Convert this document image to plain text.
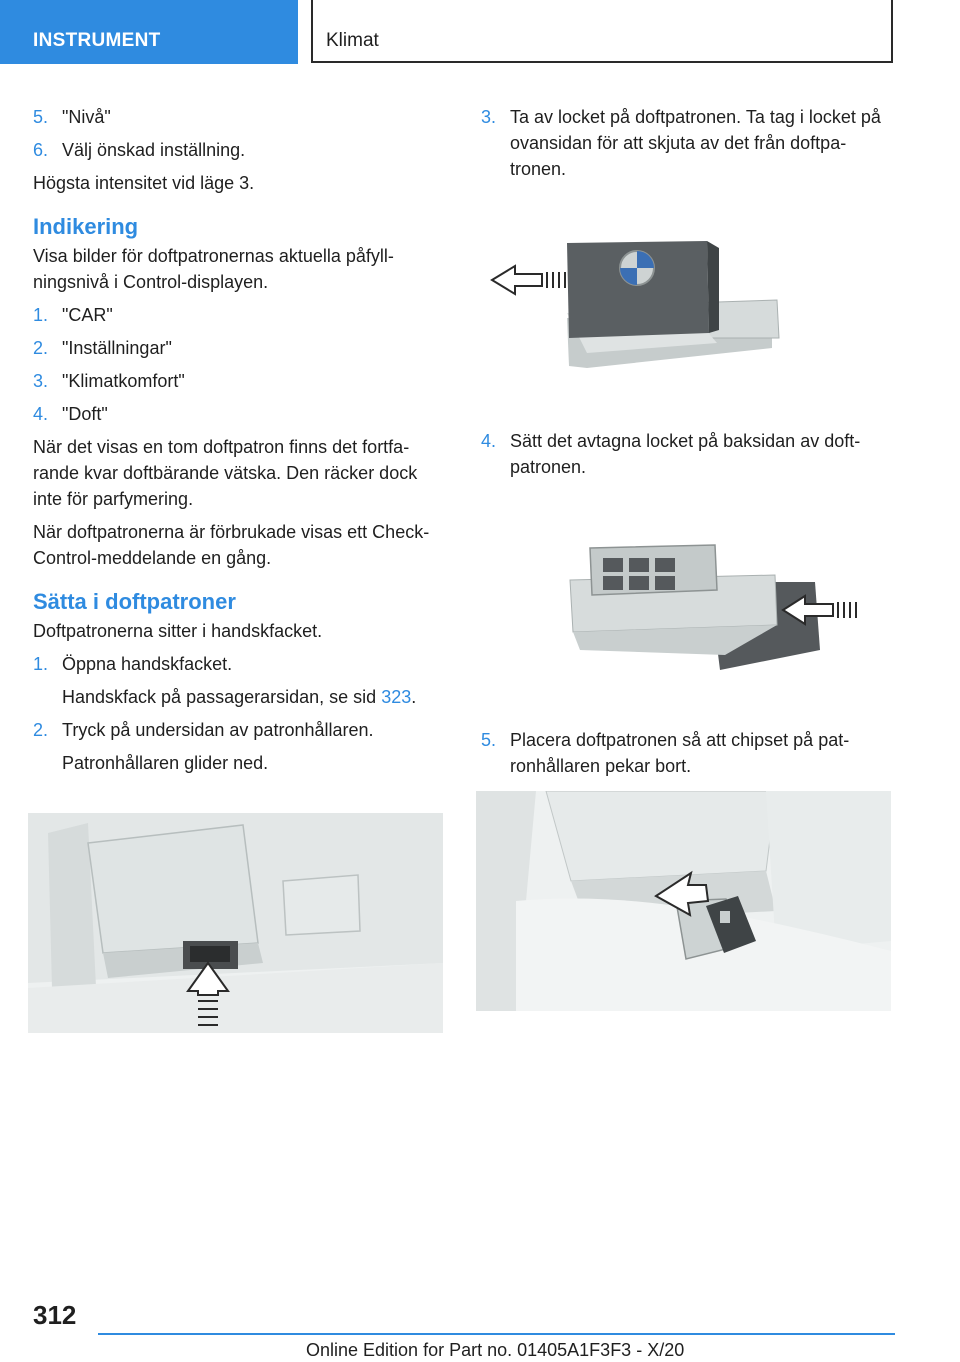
INSTRUMENT	Klimat
5. "Nivå"
6. Välj önskad inställning.

Högsta intensitet vid läge 3.

Indikering

Visa bilder för doftpatronernas aktuella påfyllningsnivå i Control-displayen.

1. "CAR"
2. "Inställningar"
3. "Klimatkomfort"
4. "Doft"

När det visas en tom doftpatron finns det fortfarande kvar doftbärande vätska. Den räcker dock inte för parfymering.

När doftpatronerna är förbrukade visas ett Check-Control-meddelande en gång.

Sätta i doftpatroner

Doftpatronerna sitter i handskfacket.

1. Öppna handskfacket.
Handskfack på passagerarsidan, se sid 323.
2. Tryck på undersidan av patronhållaren.
Patronhållaren glider ned.
3. Ta av locket på doftpatronen. Ta tag i locket på ovansidan för att skjuta av det från doftpatronen.
4. Sätt det avtagna locket på baksidan av doftpatronen.
5. Placera doftpatronen så att chipset på patronhållaren pekar bort.
312
Online Edition for Part no. 01405A1F3F3 - X/20
